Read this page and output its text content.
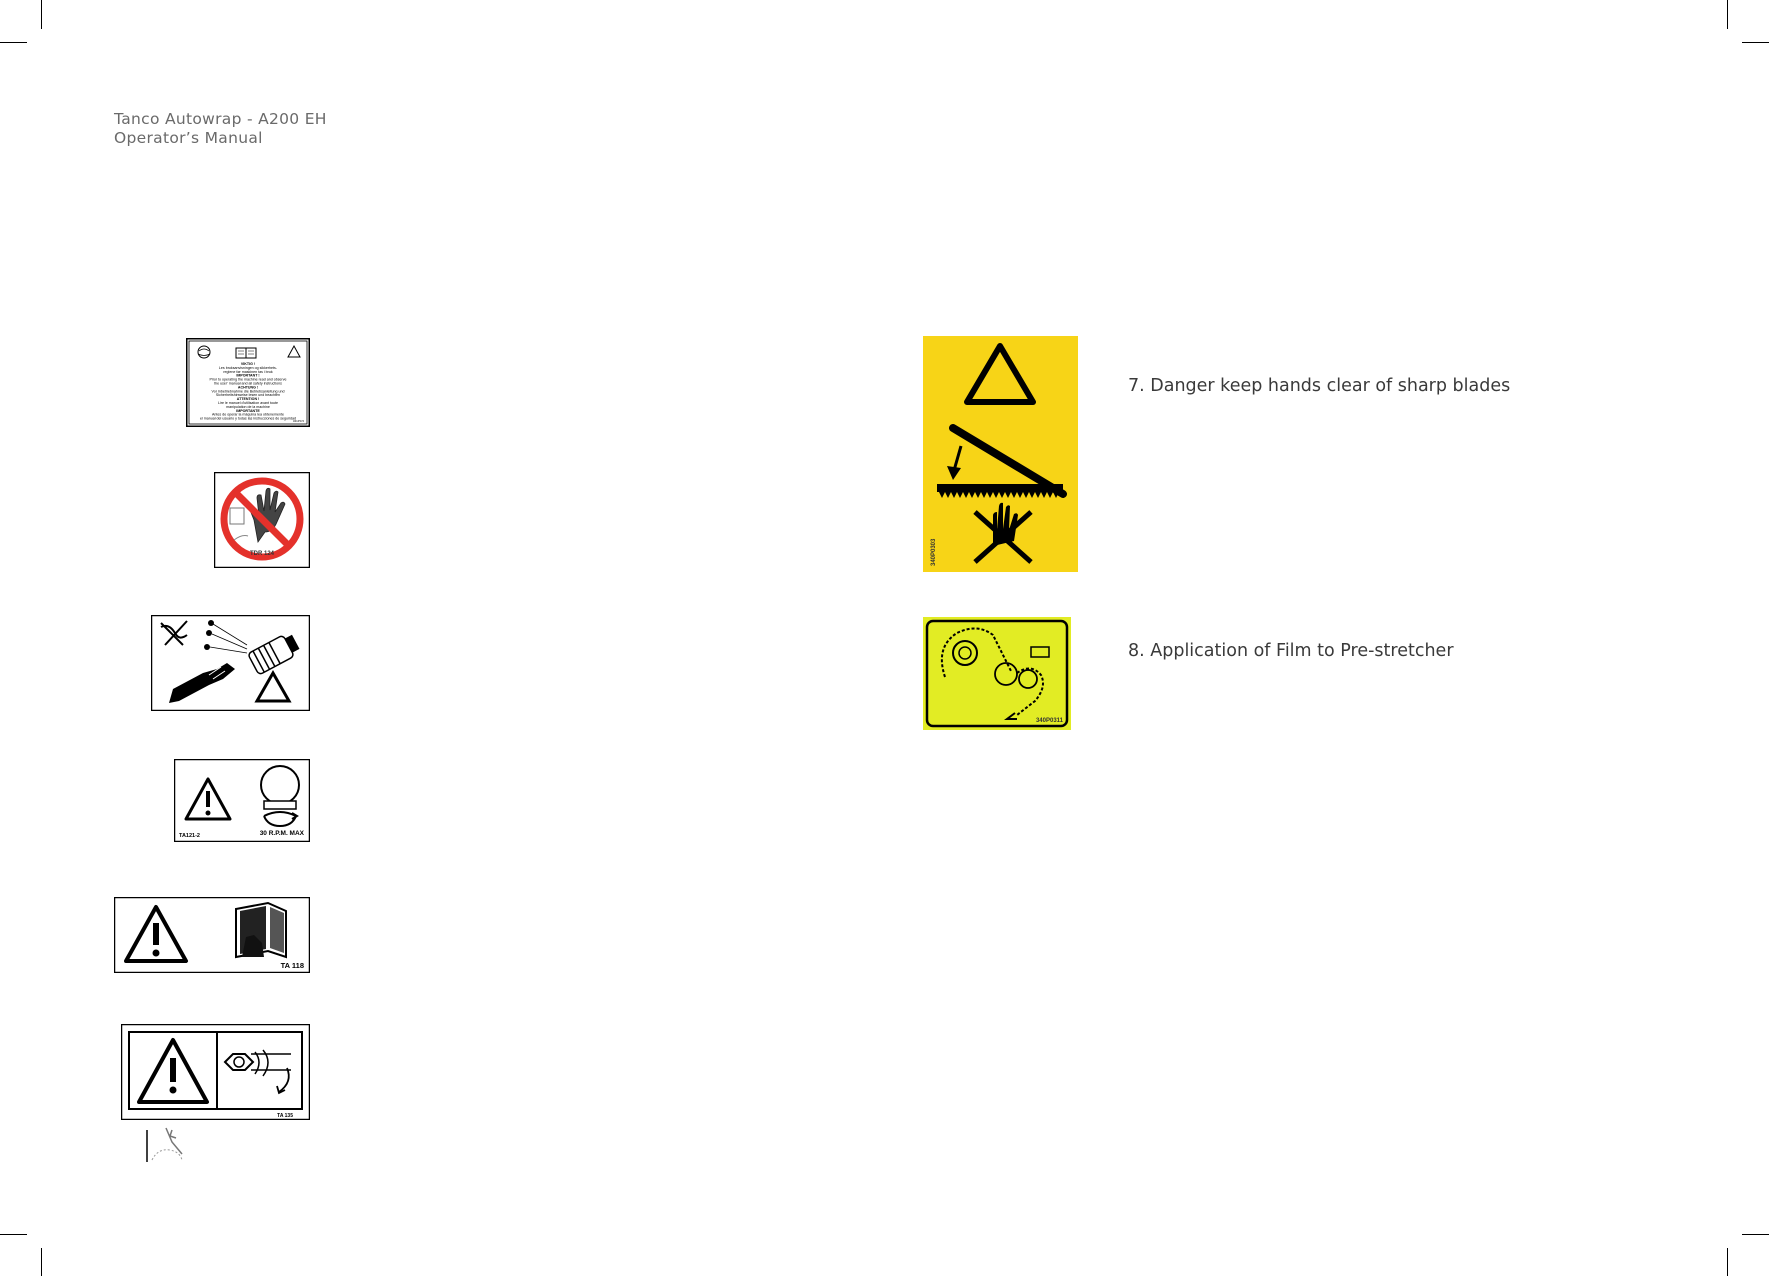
Tanco Autowrap - A200 EH
Operator’s Manual
VIKTIG !
Les bruksanvisningen og sikkerhets-
reglene før maskinen tas i bruk
IMPORTANT !
Prior to operating the machine read and observe
the user' manual and all safety instructions
ACHTUNG !
Vor Inbetriebnahme die Betriebsanleitung und
Sicherheitshinweise lesen und beachten
ATTENTION !
Lire le manuel d'utilisation avant toute
manipulation de la machine
IMPORTANTE
Antes de operar la máquina lea obtenemente
el manual del usuario y todas las instrucciones de seguridad
341P0.5
TDR 124
TA121-2	30 R.P.M. MAX
TA 118
TA 135
340P0303
7. Danger keep hands clear of sharp blades
340P0311
8. Application of Film to Pre-stretcher
